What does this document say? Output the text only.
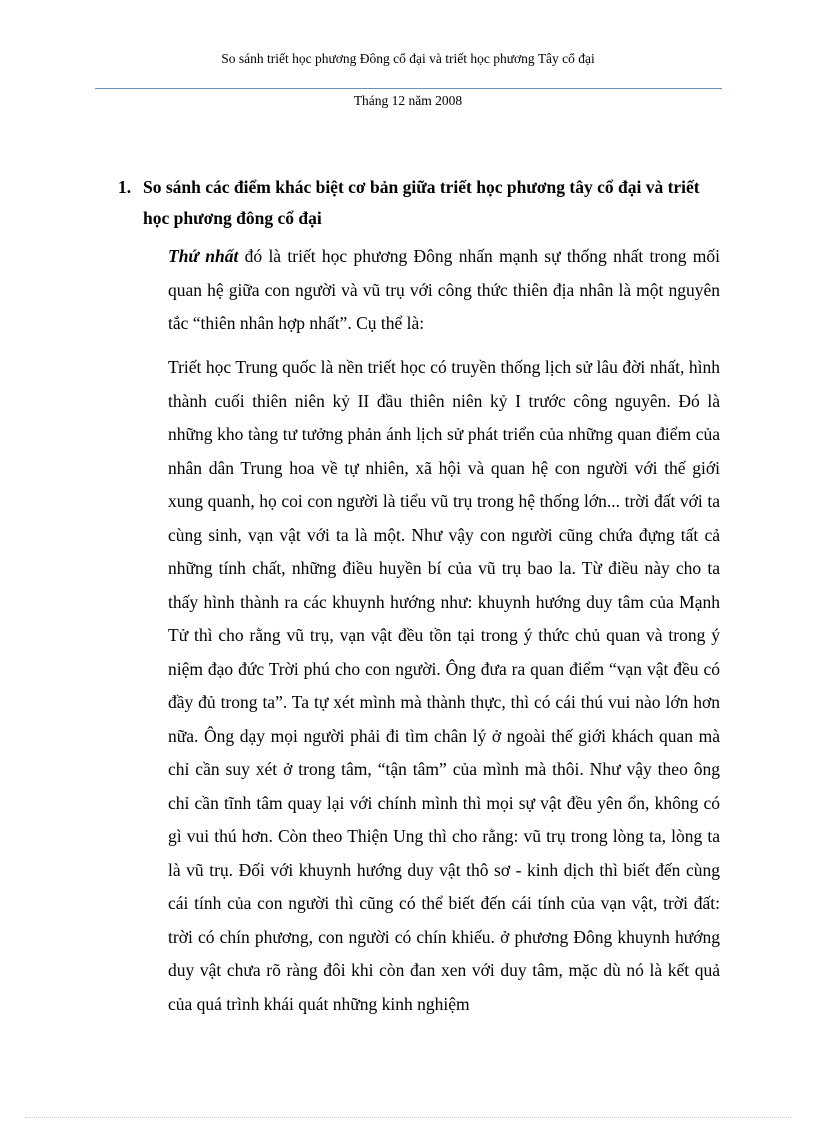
So sánh triết học phương Đông cổ đại và triết học phương Tây cổ đại
Tháng 12 năm 2008
1. So sánh các điểm khác biệt cơ bản giữa triết học phương tây cổ đại và triết học phương đông cổ đại

Thứ nhất đó là triết học phương Đông nhấn mạnh sự thống nhất trong mối quan hệ giữa con người và vũ trụ với công thức thiên địa nhân là một nguyên tắc “thiên nhân hợp nhất”. Cụ thể là:

Triết học Trung quốc là nền triết học có truyền thống lịch sử lâu đời nhất, hình thành cuối thiên niên kỷ II đầu thiên niên kỷ I trước công nguyên. Đó là những kho tàng tư tưởng phản ánh lịch sử phát triển của những quan điểm của nhân dân Trung hoa về tự nhiên, xã hội và quan hệ con người với thế giới xung quanh, họ coi con người là tiểu vũ trụ trong hệ thống lớn... trời đất với ta cùng sinh, vạn vật với ta là một. Như vậy con người cũng chứa đựng tất cả những tính chất, những điều huyền bí của vũ trụ bao la. Từ điều này cho ta thấy hình thành ra các khuynh hướng như: khuynh hướng duy tâm của Mạnh Tử thì cho rằng vũ trụ, vạn vật đều tồn tại trong ý thức chủ quan và trong ý niệm đạo đức Trời phú cho con người. Ông đưa ra quan điểm “vạn vật đều có đầy đủ trong ta”. Ta tự xét mình mà thành thực, thì có cái thú vui nào lớn hơn nữa. Ông dạy mọi người phải đi tìm chân lý ở ngoài thế giới khách quan mà chỉ cần suy xét ở trong tâm, “tận tâm” của mình mà thôi. Như vậy theo ông chỉ cần tĩnh tâm quay lại với chính mình thì mọi sự vật đều yên ổn, không có gì vui thú hơn. Còn theo Thiện Ung thì cho rằng: vũ trụ trong lòng ta, lòng ta là vũ trụ. Đối với khuynh hướng duy vật thô sơ - kinh dịch thì biết đến cùng cái tính của con người thì cũng có thể biết đến cái tính của vạn vật, trời đất: trời có chín phương, con người có chín khiếu. ở phương Đông khuynh hướng duy vật chưa rõ ràng đôi khi còn đan xen với duy tâm, mặc dù nó là kết quả của quá trình khái quát những kinh nghiệm
